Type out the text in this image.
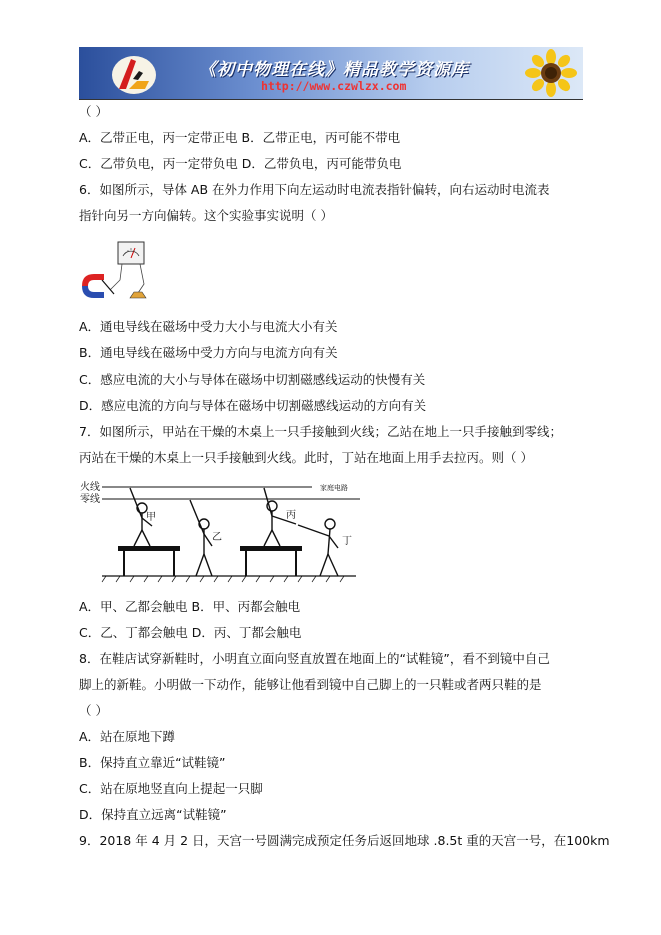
《初中物理在线》精品教学资源库
http://www.czwlzx.com
（ ）
A．乙带正电，丙一定带正电 B．乙带正电，丙可能不带电
C．乙带负电，丙一定带负电 D．乙带负电，丙可能带负电
6．如图所示，导体 AB 在外力作用下向左运动时电流表指针偏转，向右运动时电流表
指针向另一方向偏转。这个实验事实说明（ ）
A．通电导线在磁场中受力大小与电流大小有关
B．通电导线在磁场中受力方向与电流方向有关
C．感应电流的大小与导体在磁场中切割磁感线运动的快慢有关
D．感应电流的方向与导体在磁场中切割磁感线运动的方向有关
7．如图所示，甲站在干燥的木桌上一只手接触到火线；乙站在地上一只手接触到零线；
丙站在干燥的木桌上一只手接触到火线。此时，丁站在地面上用手去拉丙。则（ ）
火线
零线
家庭电路
甲
乙
丙
丁
A．甲、乙都会触电 B．甲、丙都会触电
C．乙、丁都会触电 D．丙、丁都会触电
8．在鞋店试穿新鞋时，小明直立面向竖直放置在地面上的“试鞋镜”，看不到镜中自己
脚上的新鞋。小明做一下动作，能够让他看到镜中自己脚上的一只鞋或者两只鞋的是
（ ）
A．站在原地下蹲
B．保持直立靠近“试鞋镜”
C．站在原地竖直向上提起一只脚
D．保持直立远离“试鞋镜”
9．2018 年 4 月 2 日，天宫一号圆满完成预定任务后返回地球 .8.5t 重的天宫一号，在100km
